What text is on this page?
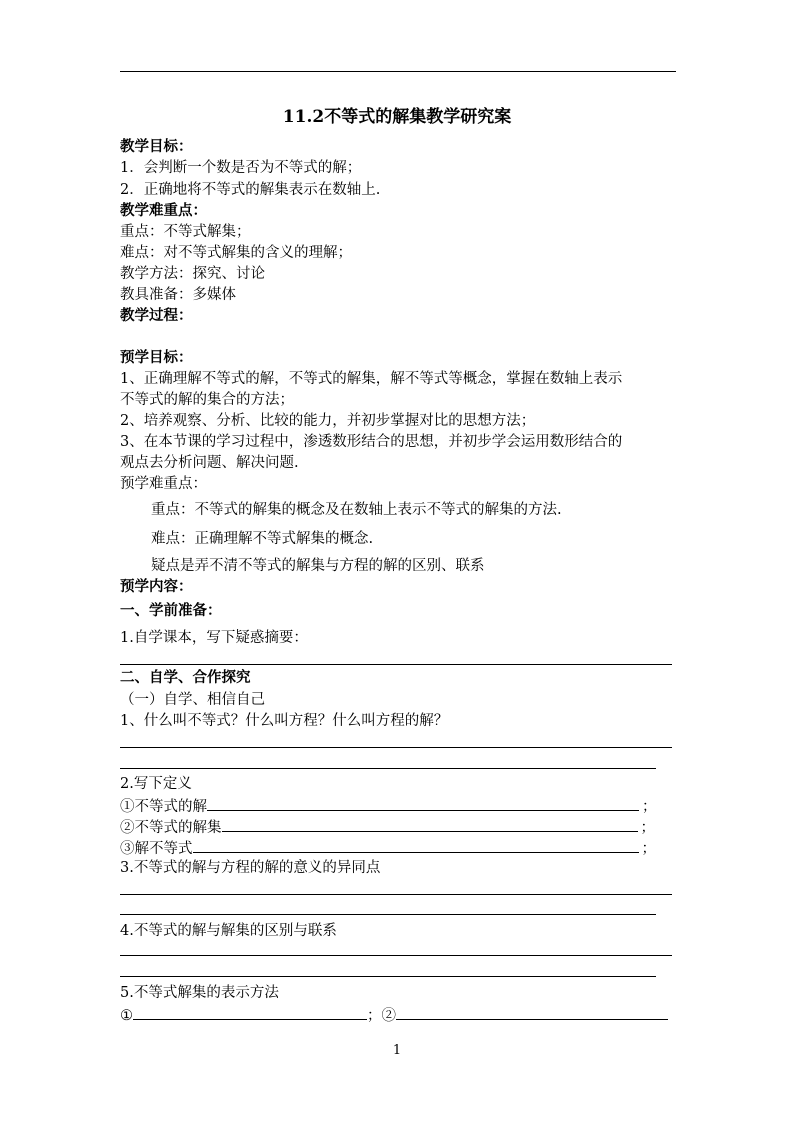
11.2不等式的解集教学研究案
教学目标：
1．会判断一个数是否为不等式的解；
2．正确地将不等式的解集表示在数轴上.
教学难重点：
重点：不等式解集；
难点：对不等式解集的含义的理解；
教学方法：探究、讨论
教具准备：多媒体
教学过程：
预学目标：
1、正确理解不等式的解，不等式的解集，解不等式等概念，掌握在数轴上表示
不等式的解的集合的方法；
2、培养观察、分析、比较的能力，并初步掌握对比的思想方法；
3、在本节课的学习过程中，渗透数形结合的思想，并初步学会运用数形结合的
观点去分析问题、解决问题.
预学难重点：
重点：不等式的解集的概念及在数轴上表示不等式的解集的方法.
难点：正确理解不等式解集的概念.
疑点是弄不清不等式的解集与方程的解的区别、联系
预学内容：
一、学前准备：
1.自学课本，写下疑惑摘要：
二、自学、合作探究
（一）自学、相信自己
1、什么叫不等式？什么叫方程？什么叫方程的解？
2.写下定义
①不等式的解	；
②不等式的解集	；
③解不等式	；
3.不等式的解与方程的解的意义的异同点
4.不等式的解与解集的区别与联系
5.不等式解集的表示方法
①	；②
1
